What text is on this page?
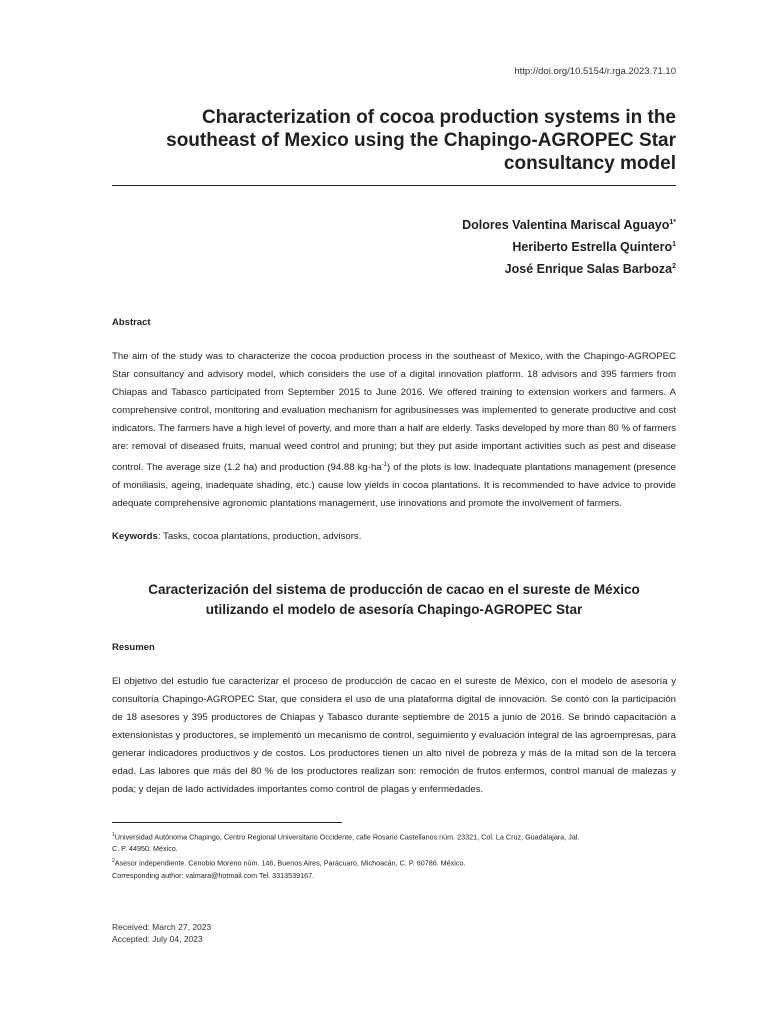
http://doi.org/10.5154/r.rga.2023.71.10
Characterization of cocoa production systems in the
southeast of Mexico using the Chapingo-AGROPEC Star
consultancy model
Dolores Valentina Mariscal Aguayo$^{1*}$
Heriberto Estrella Quintero$^1$
José Enrique Salas Barboza$^2$
Abstract
The aim of the study was to characterize the cocoa production process in the southeast of Mexico, with the Chapingo-AGROPEC Star consultancy and advisory model, which considers the use of a digital innovation platform. 18 advisors and 395 farmers from Chiapas and Tabasco participated from September 2015 to June 2016. We offered training to extension workers and farmers. A comprehensive control, monitoring and evaluation mechanism for agribusinesses was implemented to generate productive and cost indicators. The farmers have a high level of poverty, and more than a half are elderly. Tasks developed by more than 80 % of farmers are: removal of diseased fruits, manual weed control and pruning; but they put aside important activities such as pest and disease control. The average size (1.2 ha) and production (94.88 $kg\cdot ha^{-1}$) of the plots is low. Inadequate plantations management (presence of moniliasis, ageing, inadequate shading, etc.) cause low yields in cocoa plantations. It is recommended to have advice to provide adequate comprehensive agronomic plantations management, use innovations and promote the involvement of farmers.
Keywords: Tasks, cocoa plantations, production, advisors.
Caracterización del sistema de producción de cacao en el sureste de México
utilizando el modelo de asesoría Chapingo-AGROPEC Star
Resumen
El objetivo del estudio fue caracterizar el proceso de producción de cacao en el sureste de México, con el modelo de asesoría y consultoría Chapingo-AGROPEC Star, que considera el uso de una plataforma digital de innovación. Se contó con la participación de 18 asesores y 395 productores de Chiapas y Tabasco durante septiembre de 2015 a junio de 2016. Se brindó capacitación a extensionistas y productores, se implementó un mecanismo de control, seguimiento y evaluación integral de las agroempresas, para generar indicadores productivos y de costos. Los productores tienen un alto nivel de pobreza y más de la mitad son de la tercera edad. Las labores que más del 80 % de los productores realizan son: remoción de frutos enfermos, control manual de malezas y poda; y dejan de lado actividades importantes como control de plagas y enfermedades.
$^1$Universidad Autónoma Chapingo, Centro Regional Universitario Occidente, calle Rosario Castellanos núm. 23321, Col. La Cruz, Guadalajara, Jal.
C. P. 44950. México.
$^2$Asesor independiente. Cenobio Moreno núm. 146, Buenos Aires, Parácuaro, Michoacán, C. P. 60786. México.
Corresponding author: valmara@hotmail.com Tel. 3313539167.
Received: March 27, 2023
Accepted: July 04, 2023
